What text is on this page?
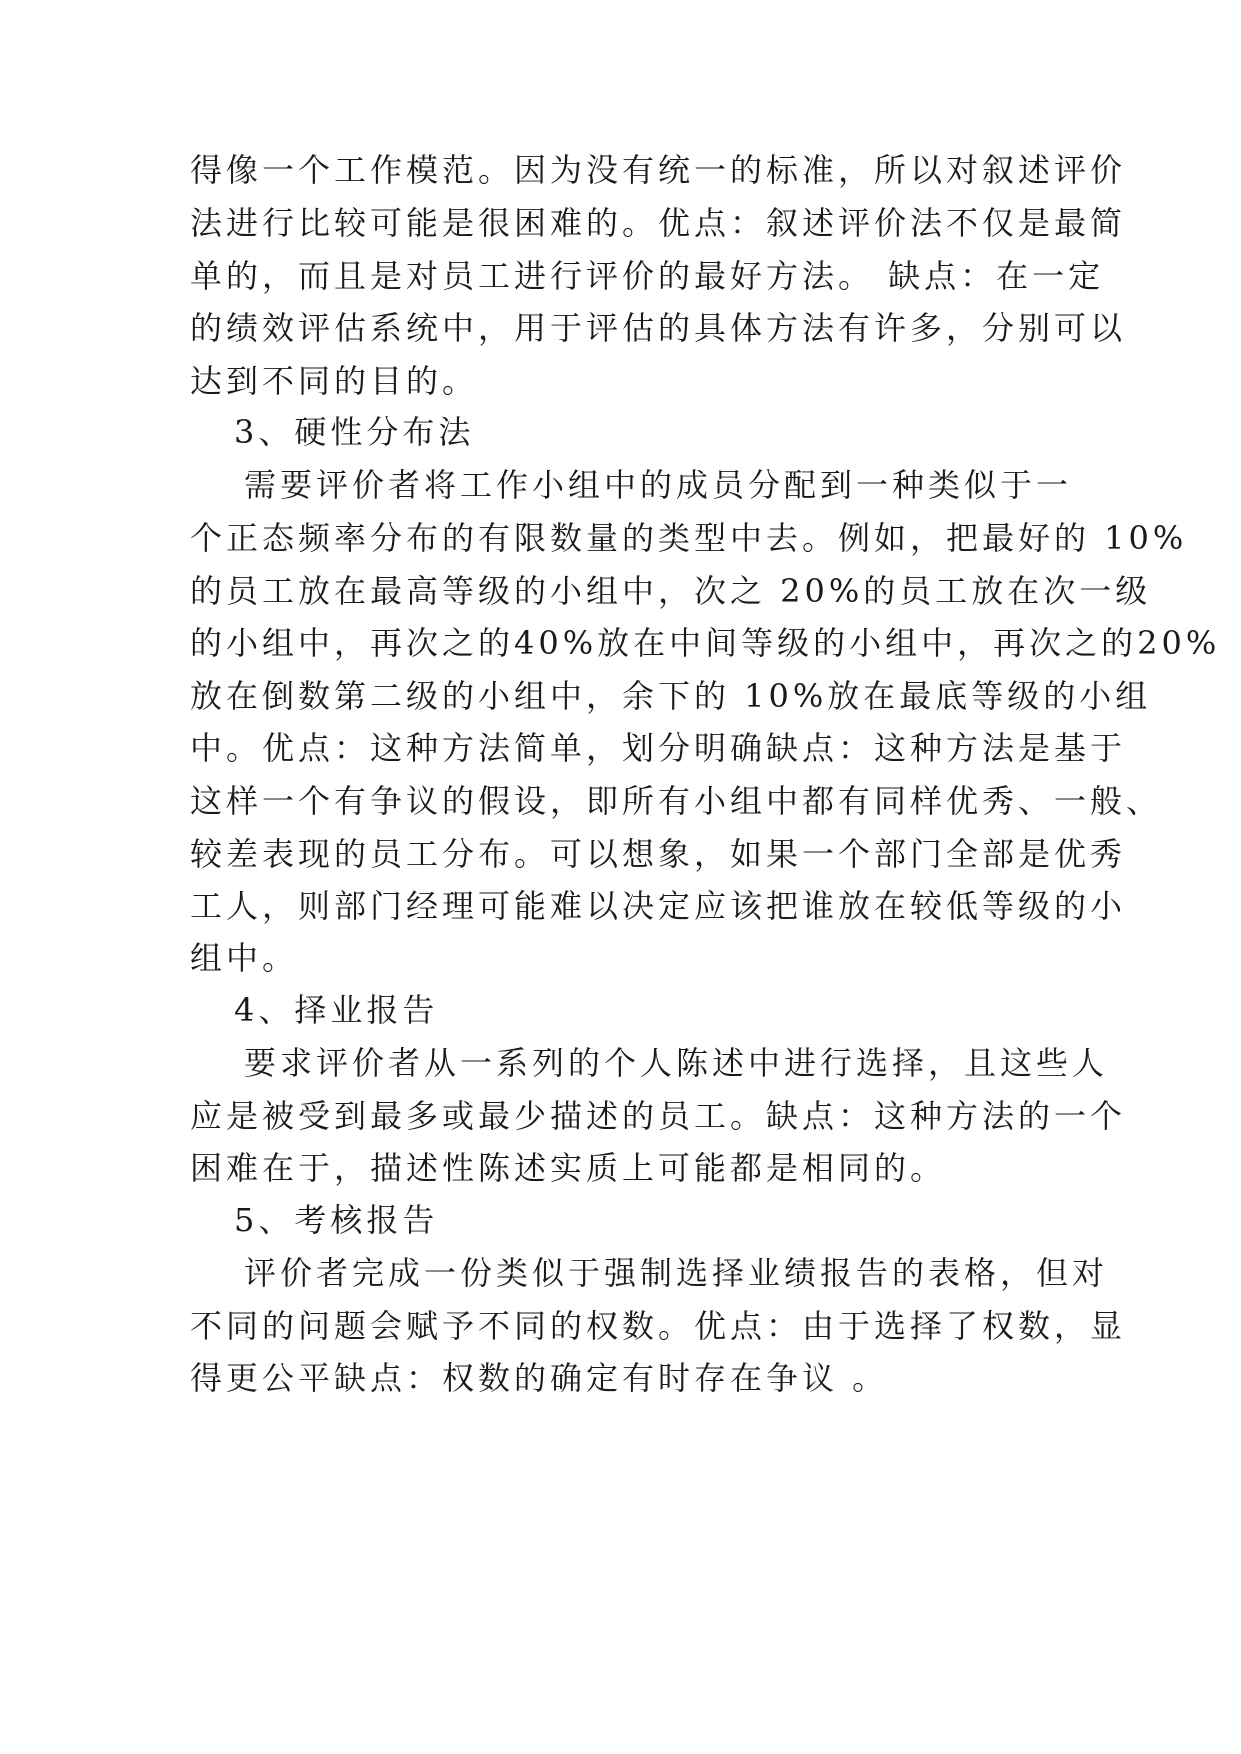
得像一个工作模范。因为没有统一的标准，所以对叙述评价
法进行比较可能是很困难的。优点：叙述评价法不仅是最简
单的，而且是对员工进行评价的最好方法。 缺点：在一定
的绩效评估系统中，用于评估的具体方法有许多，分别可以
达到不同的目的。
3、硬性分布法
需要评价者将工作小组中的成员分配到一种类似于一
个正态频率分布的有限数量的类型中去。例如，把最好的 10%
的员工放在最高等级的小组中，次之 20%的员工放在次一级
的小组中，再次之的40%放在中间等级的小组中，再次之的20%
放在倒数第二级的小组中，余下的 10%放在最底等级的小组
中。优点：这种方法简单，划分明确缺点：这种方法是基于
这样一个有争议的假设，即所有小组中都有同样优秀、一般、
较差表现的员工分布。可以想象，如果一个部门全部是优秀
工人，则部门经理可能难以决定应该把谁放在较低等级的小
组中。
4、择业报告
要求评价者从一系列的个人陈述中进行选择，且这些人
应是被受到最多或最少描述的员工。缺点：这种方法的一个
困难在于，描述性陈述实质上可能都是相同的。
5、考核报告
评价者完成一份类似于强制选择业绩报告的表格，但对
不同的问题会赋予不同的权数。优点：由于选择了权数，显
得更公平缺点：权数的确定有时存在争议 。
